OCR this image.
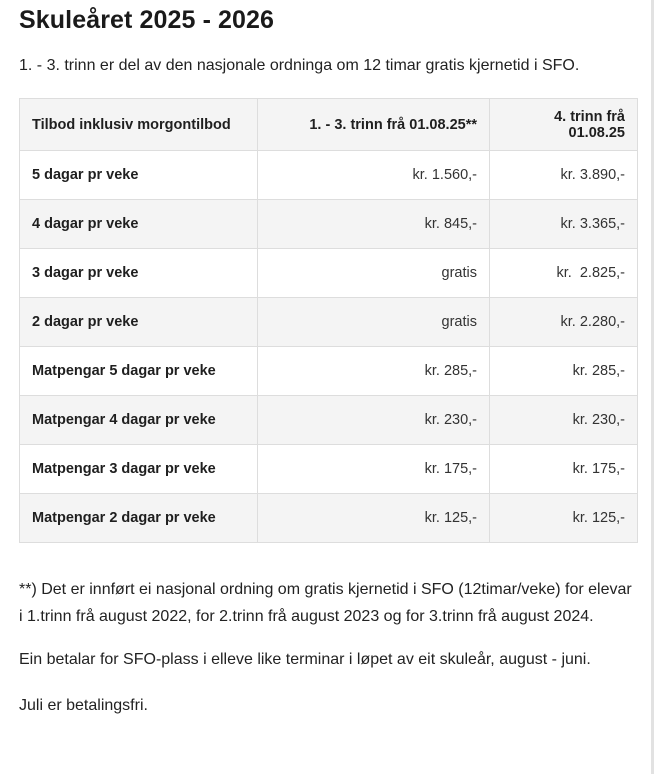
Skuleåret 2025 - 2026

1. - 3. trinn er del av den nasjonale ordninga om 12 timar gratis kjernetid i SFO.

Tilbod inklusiv morgontilbod	1. - 3. trinn frå 01.08.25**	4. trinn frå 01.08.25
5 dagar pr veke	kr. 1.560,-	kr. 3.890,-
4 dagar pr veke	kr. 845,-	kr. 3.365,-
3 dagar pr veke	gratis	kr.  2.825,-
2 dagar pr veke	gratis	kr. 2.280,-
Matpengar 5 dagar pr veke	kr. 285,-	kr. 285,-
Matpengar 4 dagar pr veke	kr. 230,-	kr. 230,-
Matpengar 3 dagar pr veke	kr. 175,-	kr. 175,-
Matpengar 2 dagar pr veke	kr. 125,-	kr. 125,-

**) Det er innført ei nasjonal ordning om gratis kjernetid i SFO (12timar/veke) for elevar i 1.trinn frå august 2022, for 2.trinn frå august 2023 og for 3.trinn frå august 2024.

Ein betalar for SFO-plass i elleve like terminar i løpet av eit skuleår, august - juni.

Juli er betalingsfri.
